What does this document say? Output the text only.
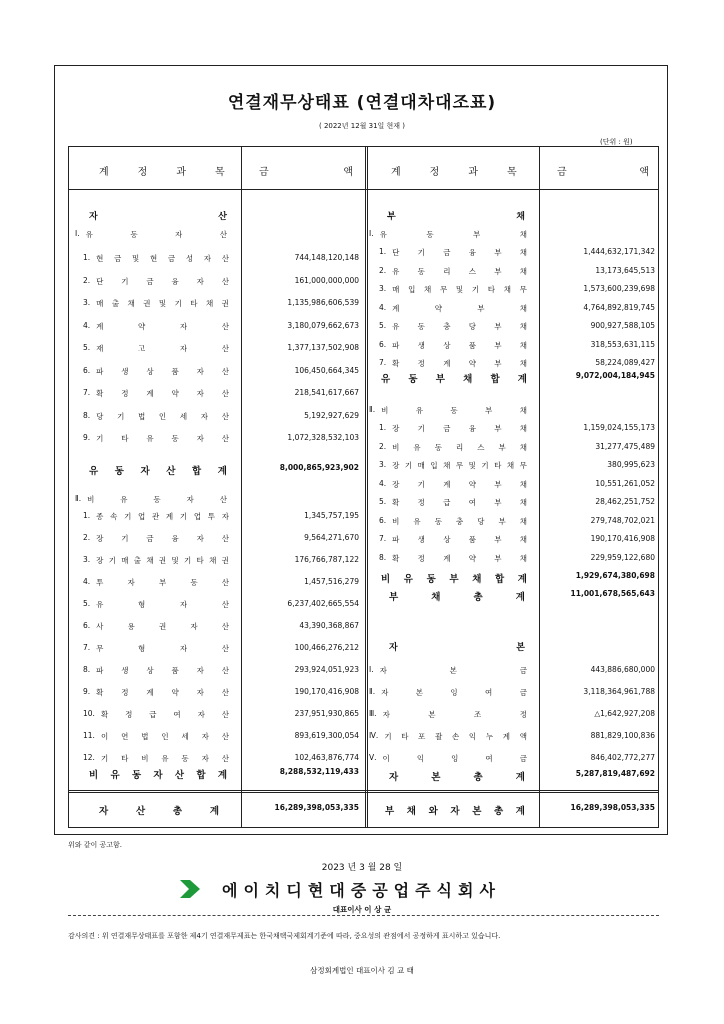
연결재무상태표 (연결대차대조표)
( 2022년 12월 31일 현재 )
(단위 : 원)
계정과목 금	액	계정과목 금	액
자	산
Ⅰ. 유	동	자	산
1. 현 금 및 현 금 성 자 산	744,148,120,148
2. 단 기 금 융 자 산	161,000,000,000
3. 매 출 채 권 및 기 타 채 권	1,135,986,606,539
4. 계	약	자	산	3,180,079,662,673
5. 재	고	자	산	1,377,137,502,908
6. 파 생 상 품 자 산	106,450,664,345
7. 확 정 계 약 자 산	218,541,617,667
8. 당 기 법 인 세 자 산	5,192,927,629
9. 기 타 유 동 자 산	1,072,328,532,103
유 동 자 산 합 계	8,000,865,923,902
Ⅱ. 비	유	동	자	산
1. 종 속 기 업 관 계 기 업 투 자	1,345,757,195
2. 장 기 금 융 자 산	9,564,271,670
3. 장 기 매 출 채 권 및 기 타 채 권	176,766,787,122
4. 투	자	부	동	산	1,457,516,279
5. 유	형	자	산	6,237,402,665,554
6. 사	용	권	자	산	43,390,368,867
7. 무	형	자	산	100,466,276,212
8. 파 생 상 품 자 산	293,924,051,923
9. 확 정 계 약 자 산	190,170,416,908
10. 확 정 급 여 자 산	237,951,930,865
11. 이 연 법 인 세 자 산	893,619,300,054
12. 기 타 비 유 동 자 산	102,463,876,774
비 유 동 자 산 합 계	8,288,532,119,433
자	산	총	계	16,289,398,053,335
부	채
Ⅰ. 유	동	부	채
1. 단 기 금 융 부 채	1,444,632,171,342
2. 유 동 리 스 부 채	13,173,645,513
3. 매 입 채 무 및 기 타 채 무	1,573,600,239,698
4. 계	약	부	채	4,764,892,819,745
5. 유 동 충 당 부 채	900,927,588,105
6. 파 생 상 품 부 채	318,553,631,115
7. 확 정 계 약 부 채	58,224,089,427
유 동 부 채 합 계	9,072,004,184,945
Ⅱ. 비	유	동	부	채
1. 장 기 금 융 부 채	1,159,024,155,173
2. 비 유 동 리 스 부 채	31,277,475,489
3. 장 기 매 입 채 무 및 기 타 채 무	380,995,623
4. 장 기 계 약 부 채	10,551,261,052
5. 확 정 급 여 부 채	28,462,251,752
6. 비 유 동 충 당 부 채	279,748,702,021
7. 파 생 상 품 부 채	190,170,416,908
8. 확 정 계 약 부 채	229,959,122,680
비 유 동 부 채 합 계	1,929,674,380,698
부	채	총	계	11,001,678,565,643
자	본
Ⅰ. 자	본	금	443,886,680,000
Ⅱ. 자	본	잉	여	금	3,118,364,961,788
Ⅲ. 자	본	조	정	△1,642,927,208
Ⅳ. 기 타 포 괄 손 익 누 계 액	881,829,100,836
Ⅴ. 이	익	잉	여	금	846,402,772,277
자	본	총	계	5,287,819,487,692
부 채 와 자 본 총 계	16,289,398,053,335
위와 같이 공고함.
2023 년 3 월 28 일
에이치디현대중공업주식회사
대표이사 이 상 균
감사의견 : 위 연결재무상태표를 포함한 제4기 연결재무제표는 한국채택국제회계기준에 따라, 중요성의 관점에서 공정하게 표시하고 있습니다.
삼정회계법인 대표이사 김 교 태
